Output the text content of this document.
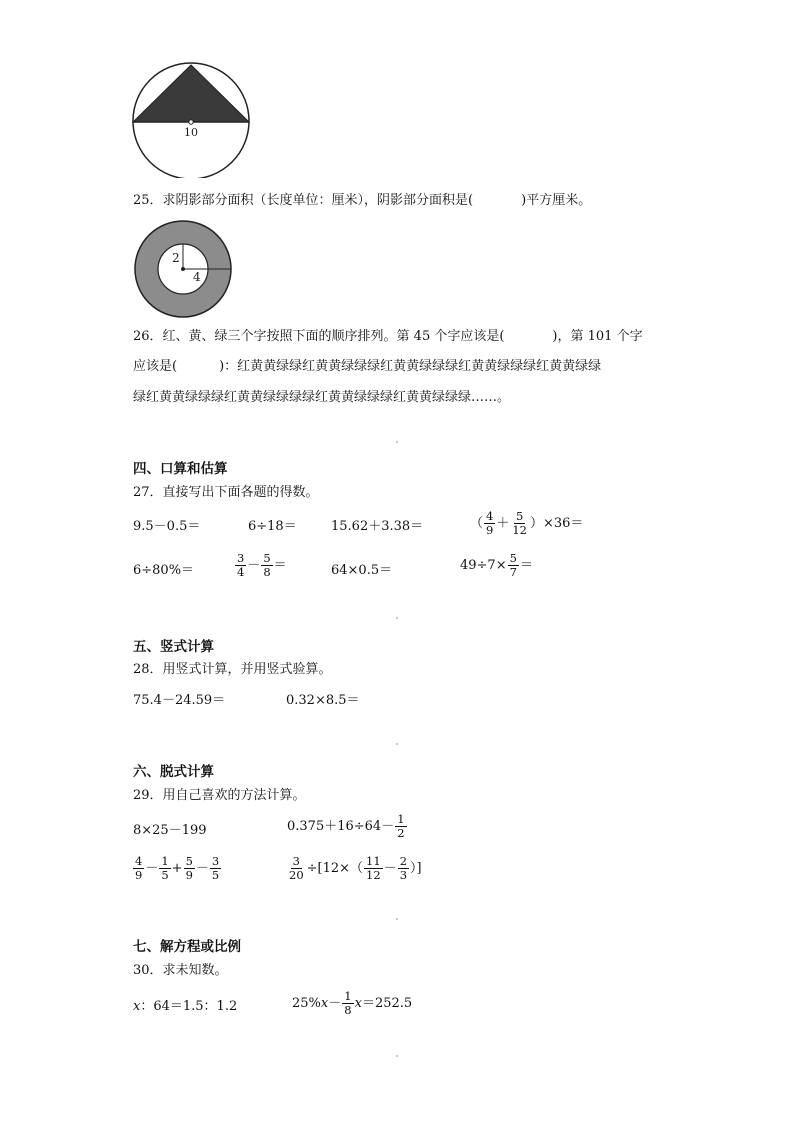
10
25．求阴影部分面积（长度单位：厘米），阴影部分面积是(	)平方厘米。
2
4
26．红、黄、绿三个字按照下面的顺序排列。第 45 个字应该是(	)，第 101 个字
应该是(	)：红黄黄绿绿红黄黄绿绿绿红黄黄绿绿绿红黄黄绿绿绿红黄黄绿绿
绿红黄黄绿绿绿红黄黄绿绿绿绿红黄黄绿绿绿红黄黄绿绿绿……。
四、口算和估算
27．直接写出下面各题的得数。
9.5－0.5＝	6÷18＝	15.62＋3.38＝	（ $\frac{4}{9} + \frac{5}{12} )\times 36=$
6÷80%＝	$\frac{3}{4} - \frac{5}{8}$ ＝	64×0.5＝	$49\div 7\times \frac{5}{7}$ ＝
五、竖式计算
28．用竖式计算，并用竖式验算。
75.4－24.59＝	0.32×8.5＝
六、脱式计算
29．用自己喜欢的方法计算。
8×25－199	$0.375+16\div 64- \frac{1}{2}$
$\frac{4}{9} - \frac{1}{5} + \frac{5}{9} - \frac{3}{5}$	$\frac{3}{20} \div[12\times( \frac{11}{12} - \frac{2}{3}$ ）]
七、解方程或比例
30．求未知数。
x：64＝1.5：1.2	$25\%x- \frac{1}{8} x=252.5$
